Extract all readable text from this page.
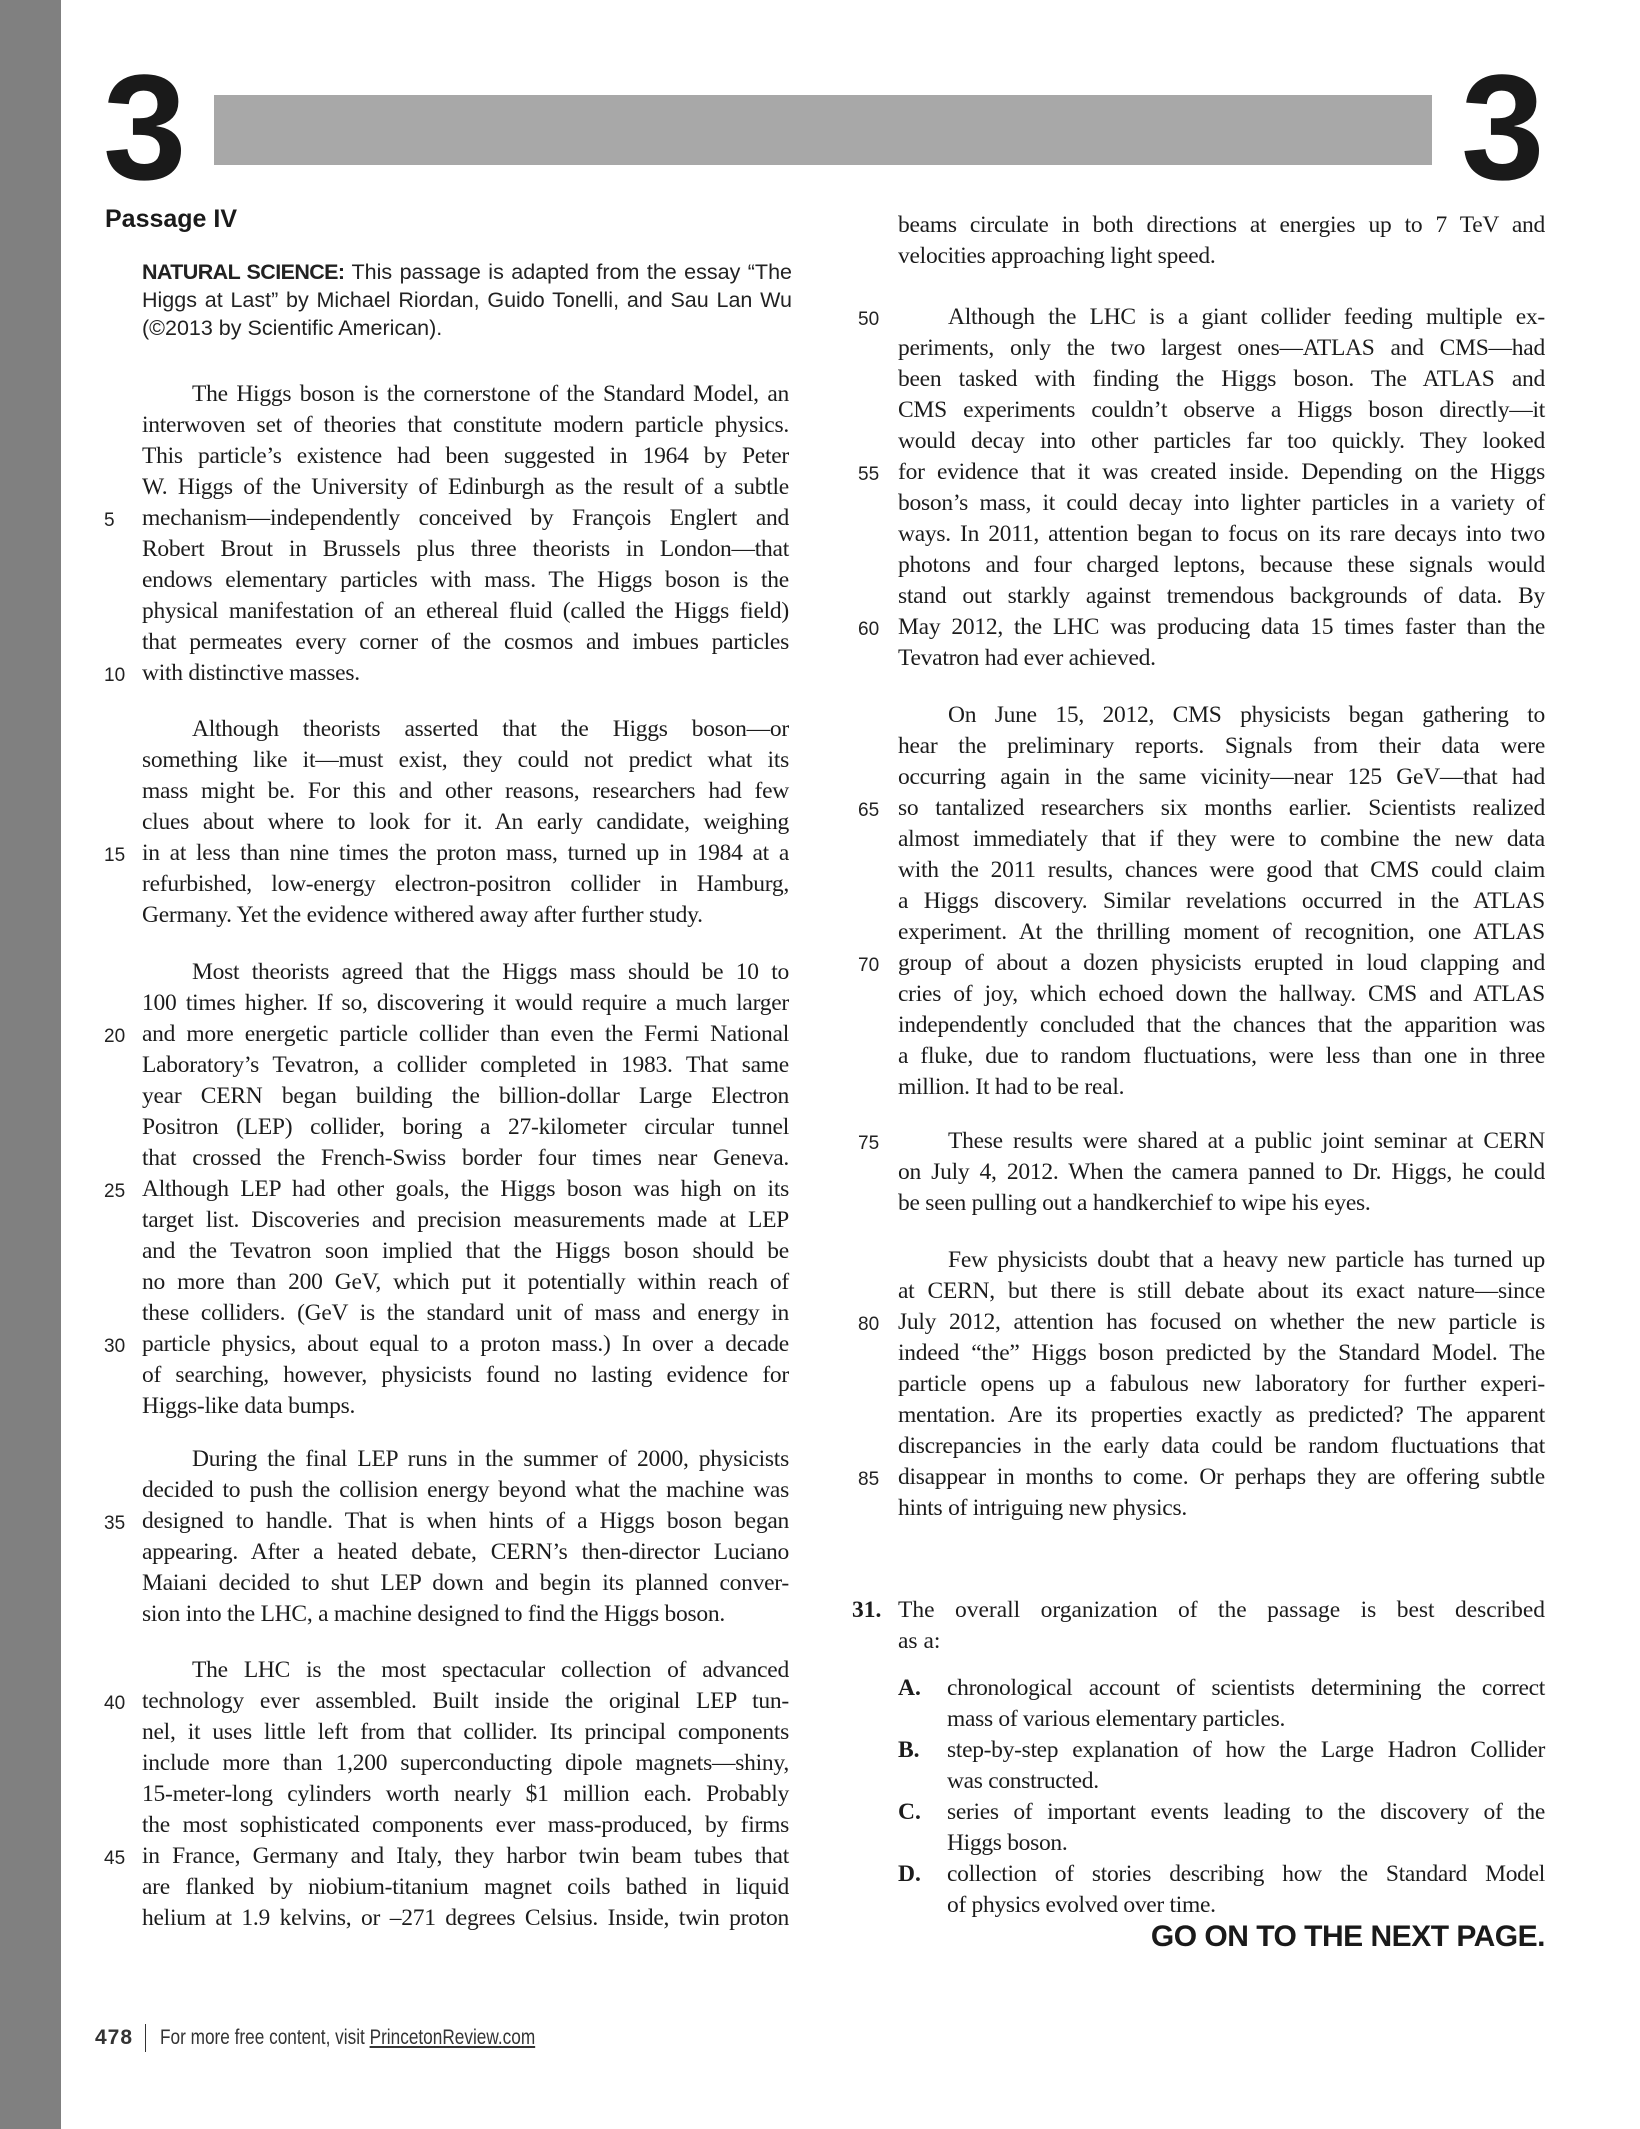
3	3
Passage IV
NATURAL SCIENCE: This passage is adapted from the essay “The
Higgs at Last” by Michael Riordan, Guido Tonelli, and Sau Lan Wu
(©2013 by Scientific American).
The Higgs boson is the cornerstone of the Standard Model, an
interwoven set of theories that constitute modern particle physics.
This particle’s existence had been suggested in 1964 by Peter
W. Higgs of the University of Edinburgh as the result of a subtle
mechanism—independently conceived by François Englert and
5
Robert Brout in Brussels plus three theorists in London—that
endows elementary particles with mass. The Higgs boson is the
physical manifestation of an ethereal fluid (called the Higgs field)
that permeates every corner of the cosmos and imbues particles
with distinctive masses.
10
Although theorists asserted that the Higgs boson—or
something like it—must exist, they could not predict what its
mass might be. For this and other reasons, researchers had few
clues about where to look for it. An early candidate, weighing
in at less than nine times the proton mass, turned up in 1984 at a
15
refurbished, low-energy electron-positron collider in Hamburg,
Germany. Yet the evidence withered away after further study.
Most theorists agreed that the Higgs mass should be 10 to
100 times higher. If so, discovering it would require a much larger
and more energetic particle collider than even the Fermi National
20
Laboratory’s Tevatron, a collider completed in 1983. That same
year CERN began building the billion-dollar Large Electron
Positron (LEP) collider, boring a 27-kilometer circular tunnel
that crossed the French-Swiss border four times near Geneva.
Although LEP had other goals, the Higgs boson was high on its
25
target list. Discoveries and precision measurements made at LEP
and the Tevatron soon implied that the Higgs boson should be
no more than 200 GeV, which put it potentially within reach of
these colliders. (GeV is the standard unit of mass and energy in
particle physics, about equal to a proton mass.) In over a decade
30
of searching, however, physicists found no lasting evidence for
Higgs-like data bumps.
During the final LEP runs in the summer of 2000, physicists
decided to push the collision energy beyond what the machine was
designed to handle. That is when hints of a Higgs boson began
35
appearing. After a heated debate, CERN’s then-director Luciano
Maiani decided to shut LEP down and begin its planned conver-
sion into the LHC, a machine designed to find the Higgs boson.
The LHC is the most spectacular collection of advanced
technology ever assembled. Built inside the original LEP tun-
40
nel, it uses little left from that collider. Its principal components
include more than 1,200 superconducting dipole magnets—shiny,
15-meter-long cylinders worth nearly $1 million each. Probably
the most sophisticated components ever mass-produced, by firms
in France, Germany and Italy, they harbor twin beam tubes that
45
are flanked by niobium-titanium magnet coils bathed in liquid
helium at 1.9 kelvins, or –271 degrees Celsius. Inside, twin proton
beams circulate in both directions at energies up to 7 TeV and
velocities approaching light speed.
Although the LHC is a giant collider feeding multiple ex-
50
periments, only the two largest ones—ATLAS and CMS—had
been tasked with finding the Higgs boson. The ATLAS and
CMS experiments couldn’t observe a Higgs boson directly—it
would decay into other particles far too quickly. They looked
for evidence that it was created inside. Depending on the Higgs
55
boson’s mass, it could decay into lighter particles in a variety of
ways. In 2011, attention began to focus on its rare decays into two
photons and four charged leptons, because these signals would
stand out starkly against tremendous backgrounds of data. By
May 2012, the LHC was producing data 15 times faster than the
60
Tevatron had ever achieved.
On June 15, 2012, CMS physicists began gathering to
hear the preliminary reports. Signals from their data were
occurring again in the same vicinity—near 125 GeV—that had
so tantalized researchers six months earlier. Scientists realized
65
almost immediately that if they were to combine the new data
with the 2011 results, chances were good that CMS could claim
a Higgs discovery. Similar revelations occurred in the ATLAS
experiment. At the thrilling moment of recognition, one ATLAS
group of about a dozen physicists erupted in loud clapping and
70
cries of joy, which echoed down the hallway. CMS and ATLAS
independently concluded that the chances that the apparition was
a fluke, due to random fluctuations, were less than one in three
million. It had to be real.
These results were shared at a public joint seminar at CERN
75
on July 4, 2012. When the camera panned to Dr. Higgs, he could
be seen pulling out a handkerchief to wipe his eyes.
Few physicists doubt that a heavy new particle has turned up
at CERN, but there is still debate about its exact nature—since
July 2012, attention has focused on whether the new particle is
80
indeed “the” Higgs boson predicted by the Standard Model. The
particle opens up a fabulous new laboratory for further experi-
mentation. Are its properties exactly as predicted? The apparent
discrepancies in the early data could be random fluctuations that
disappear in months to come. Or perhaps they are offering subtle
85
hints of intriguing new physics.
31. The overall organization of the passage is best described
as a:
A. chronological account of scientists determining the correct
mass of various elementary particles.
B. step-by-step explanation of how the Large Hadron Collider
was constructed.
C. series of important events leading to the discovery of the
Higgs boson.
D. collection of stories describing how the Standard Model
of physics evolved over time.
GO ON TO THE NEXT PAGE.
478 For more free content, visit PrincetonReview.com
